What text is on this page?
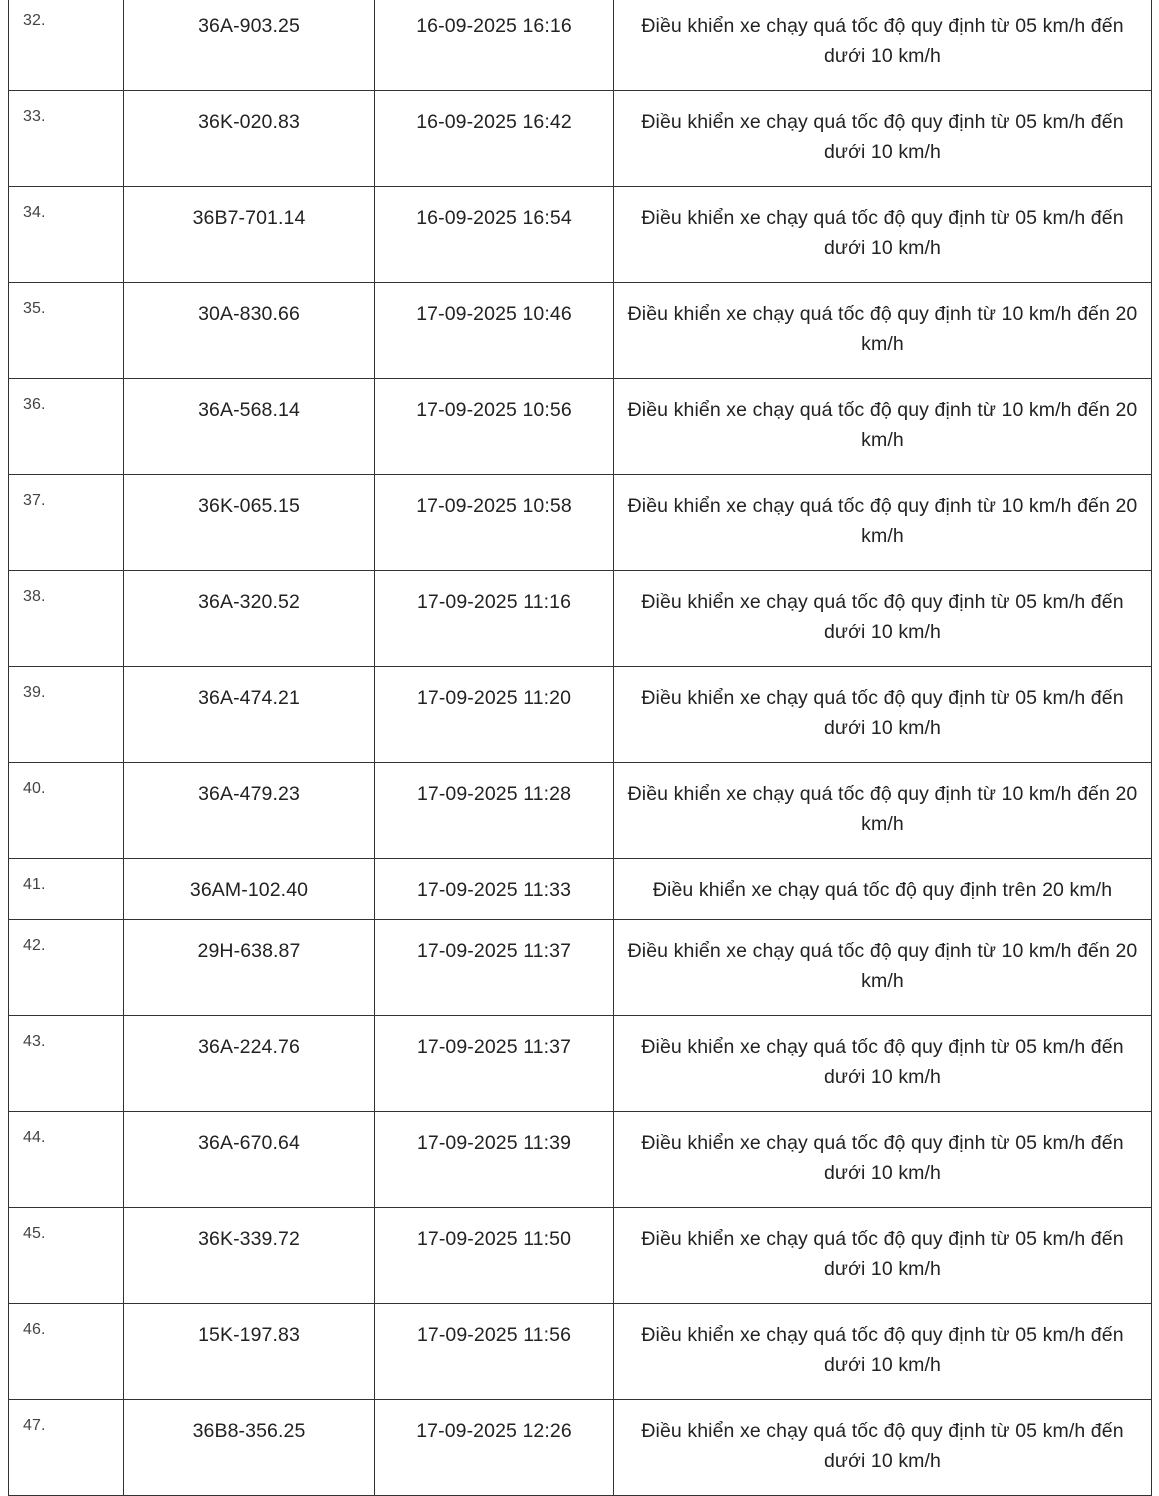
32.	36A-903.25	16-09-2025 16:16	Điều khiển xe chạy quá tốc độ quy định từ 05 km/h đến dưới 10 km/h
33.	36K-020.83	16-09-2025 16:42	Điều khiển xe chạy quá tốc độ quy định từ 05 km/h đến dưới 10 km/h
34.	36B7-701.14	16-09-2025 16:54	Điều khiển xe chạy quá tốc độ quy định từ 05 km/h đến dưới 10 km/h
35.	30A-830.66	17-09-2025 10:46	Điều khiển xe chạy quá tốc độ quy định từ 10 km/h đến 20 km/h
36.	36A-568.14	17-09-2025 10:56	Điều khiển xe chạy quá tốc độ quy định từ 10 km/h đến 20 km/h
37.	36K-065.15	17-09-2025 10:58	Điều khiển xe chạy quá tốc độ quy định từ 10 km/h đến 20 km/h
38.	36A-320.52	17-09-2025 11:16	Điều khiển xe chạy quá tốc độ quy định từ 05 km/h đến dưới 10 km/h
39.	36A-474.21	17-09-2025 11:20	Điều khiển xe chạy quá tốc độ quy định từ 05 km/h đến dưới 10 km/h
40.	36A-479.23	17-09-2025 11:28	Điều khiển xe chạy quá tốc độ quy định từ 10 km/h đến 20 km/h
41.	36AM-102.40	17-09-2025 11:33	Điều khiển xe chạy quá tốc độ quy định trên 20 km/h
42.	29H-638.87	17-09-2025 11:37	Điều khiển xe chạy quá tốc độ quy định từ 10 km/h đến 20 km/h
43.	36A-224.76	17-09-2025 11:37	Điều khiển xe chạy quá tốc độ quy định từ 05 km/h đến dưới 10 km/h
44.	36A-670.64	17-09-2025 11:39	Điều khiển xe chạy quá tốc độ quy định từ 05 km/h đến dưới 10 km/h
45.	36K-339.72	17-09-2025 11:50	Điều khiển xe chạy quá tốc độ quy định từ 05 km/h đến dưới 10 km/h
46.	15K-197.83	17-09-2025 11:56	Điều khiển xe chạy quá tốc độ quy định từ 05 km/h đến dưới 10 km/h
47.	36B8-356.25	17-09-2025 12:26	Điều khiển xe chạy quá tốc độ quy định từ 05 km/h đến dưới 10 km/h
